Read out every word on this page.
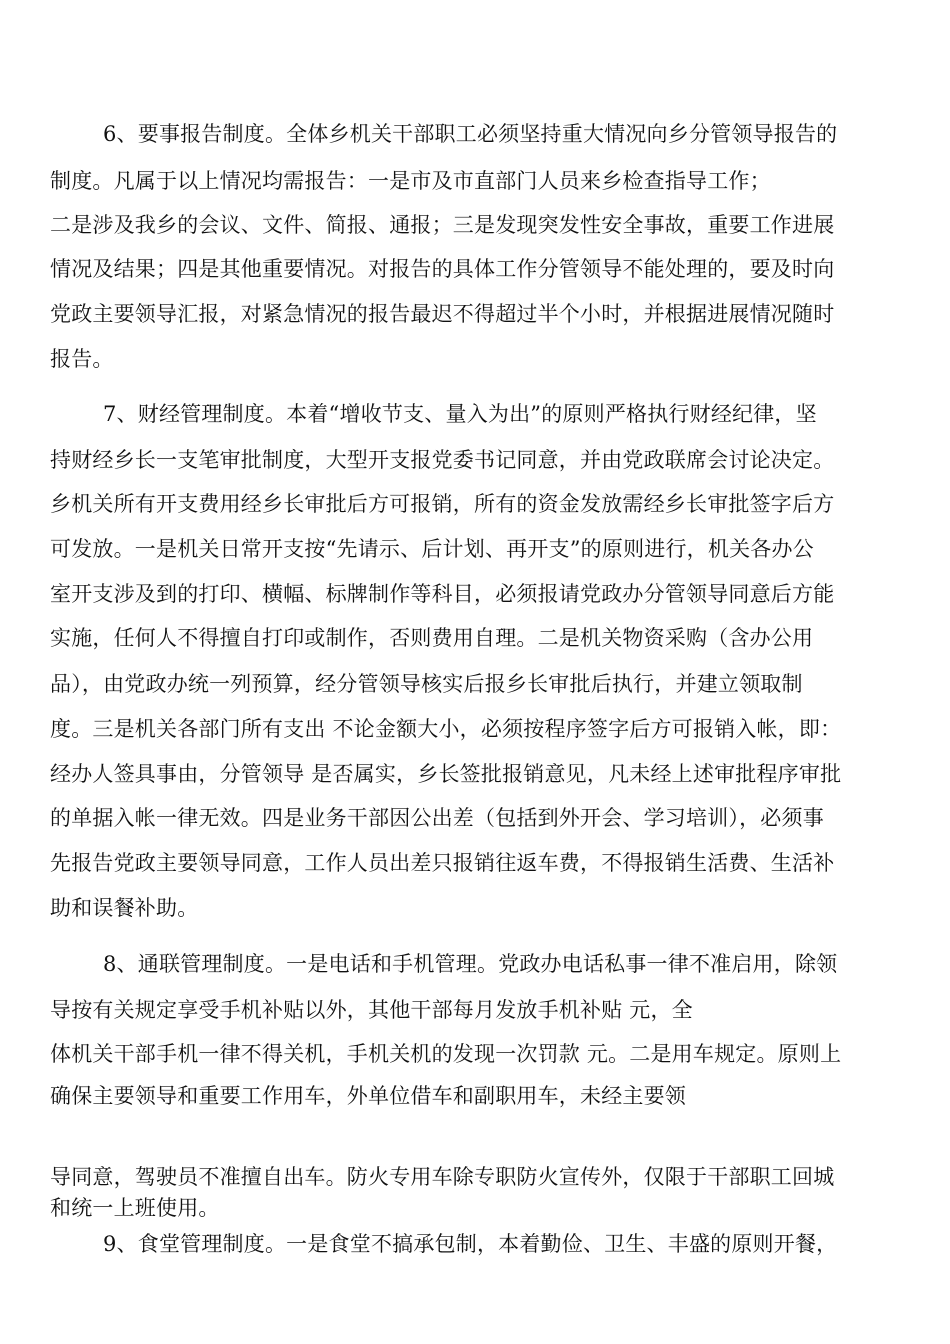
6、要事报告制度。全体乡机关干部职工必须坚持重大情况向乡分管领导报告的
制度。凡属于以上情况均需报告：一是市及市直部门人员来乡检查指导工作；
二是涉及我乡的会议、文件、简报、通报；三是发现突发性安全事故，重要工作进展
情况及结果；四是其他重要情况。对报告的具体工作分管领导不能处理的，要及时向
党政主要领导汇报，对紧急情况的报告最迟不得超过半个小时，并根据进展情况随时
报告。
7、财经管理制度。本着“增收节支、量入为出”的原则严格执行财经纪律，坚
持财经乡长一支笔审批制度，大型开支报党委书记同意，并由党政联席会讨论决定。
乡机关所有开支费用经乡长审批后方可报销，所有的资金发放需经乡长审批签字后方
可发放。一是机关日常开支按“先请示、后计划、再开支”的原则进行，机关各办公
室开支涉及到的打印、横幅、标牌制作等科目，必须报请党政办分管领导同意后方能
实施，任何人不得擅自打印或制作，否则费用自理。二是机关物资采购（含办公用
品），由党政办统一列预算，经分管领导核实后报乡长审批后执行，并建立领取制
度。三是机关各部门所有支出 不论金额大小，必须按程序签字后方可报销入帐，即：
经办人签具事由，分管领导 是否属实，乡长签批报销意见，凡未经上述审批程序审批
的单据入帐一律无效。四是业务干部因公出差（包括到外开会、学习培训），必须事
先报告党政主要领导同意，工作人员出差只报销往返车费，不得报销生活费、生活补
助和误餐补助。
8、通联管理制度。一是电话和手机管理。党政办电话私事一律不准启用，除领
导按有关规定享受手机补贴以外，其他干部每月发放手机补贴 元，全
体机关干部手机一律不得关机，手机关机的发现一次罚款 元。二是用车规定。原则上
确保主要领导和重要工作用车，外单位借车和副职用车，未经主要领
导同意，驾驶员不准擅自出车。防火专用车除专职防火宣传外，仅限于干部职工回城
和统一上班使用。
9、食堂管理制度。一是食堂不搞承包制，本着勤俭、卫生、丰盛的原则开餐，
